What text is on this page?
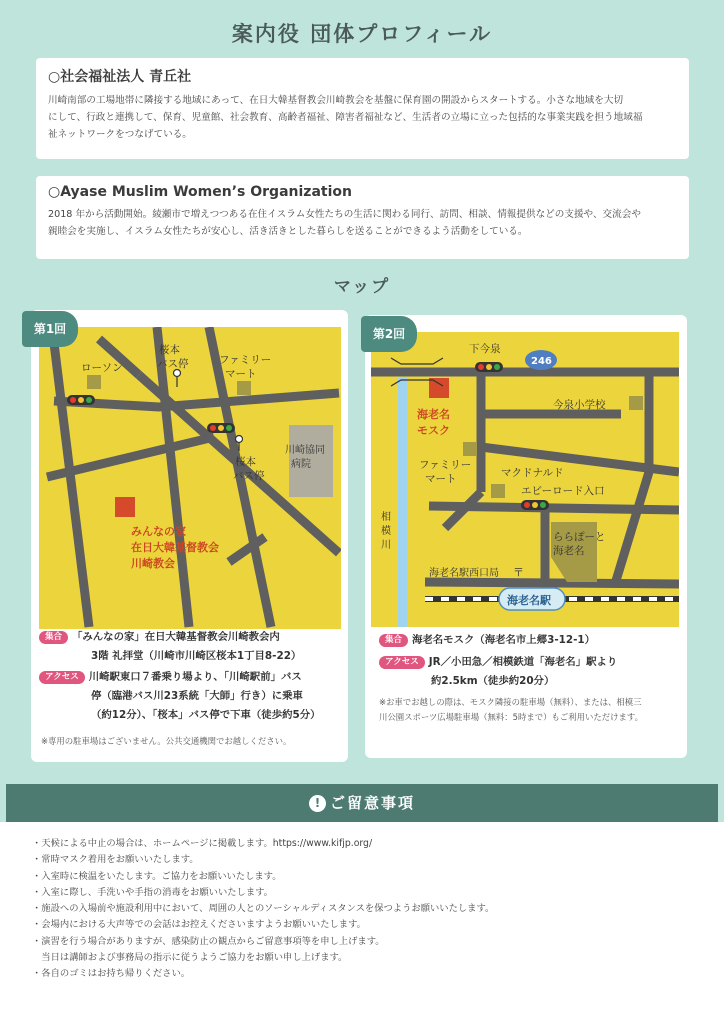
案内役 団体プロフィール
○社会福祉法人 青丘社

川崎南部の工場地帯に隣接する地域にあって、在日大韓基督教会川崎教会を基盤に保育園の開設からスタートする。小さな地域を大切
にして、行政と連携して、保育、児童館、社会教育、高齢者福祉、障害者福祉など、生活者の立場に立った包括的な事業実践を担う地域福
祉ネットワークをつなげている。

○Ayase Muslim Women’s Organization

2018 年から活動開始。綾瀬市で増えつつある在住イスラム女性たちの生活に関わる同行、訪問、相談、情報提供などの支援や、交流会や
親睦会を実施し、イスラム女性たちが安心し、活き活きとした暮らしを送ることができるよう活動をしている。

マップ
ローソン
桜本
バス停	ファミリー
マート
桜本
バス停
川崎協同
病院
みんなの家
在日大韓基督教会
川崎教会
第1回
集合 「みんなの家」在日大韓基督教会川崎教会内
3階 礼拝堂（川崎市川崎区桜本1丁目8-22）
アクセス 川崎駅東口７番乗り場より、「川崎駅前」バス
停（臨港バス川23系統「大師」行き）に乗車
（約12分）、「桜本」バス停で下車（徒歩約5分）
※専用の駐車場はございません。公共交通機関でお越しください。
海老名
モスク
下今泉
246
今泉小学校
ファミリー
マート	マクドナルド
エビーロード入口
ららぽーと
海老名
相
模
川
海老名駅西口局 〒
海老名駅
第2回
集合 海老名モスク（海老名市上郷3-12-1）
アクセス JR／小田急／相模鉄道「海老名」駅より
約2.5km（徒歩約20分）
※お車でお越しの際は、モスク隣接の駐車場（無料）、または、相模三
川公園スポーツ広場駐車場（無料：5時まで）もご利用いただけます。
! ご留意事項
・天候による中止の場合は、ホームページに掲載します。https://www.kifjp.org/
・常時マスク着用をお願いいたします。
・入室時に検温をいたします。ご協力をお願いいたします。
・入室に際し、手洗いや手指の消毒をお願いいたします。
・施設への入場前や施設利用中において、周囲の人とのソーシャルディスタンスを保つようお願いいたします。
・会場内における大声等での会話はお控えくださいますようお願いいたします。
・演習を行う場合がありますが、感染防止の観点からご留意事項等を申し上げます。
　当日は講師および事務局の指示に従うようご協力をお願い申し上げます。
・各自のゴミはお持ち帰りください。
